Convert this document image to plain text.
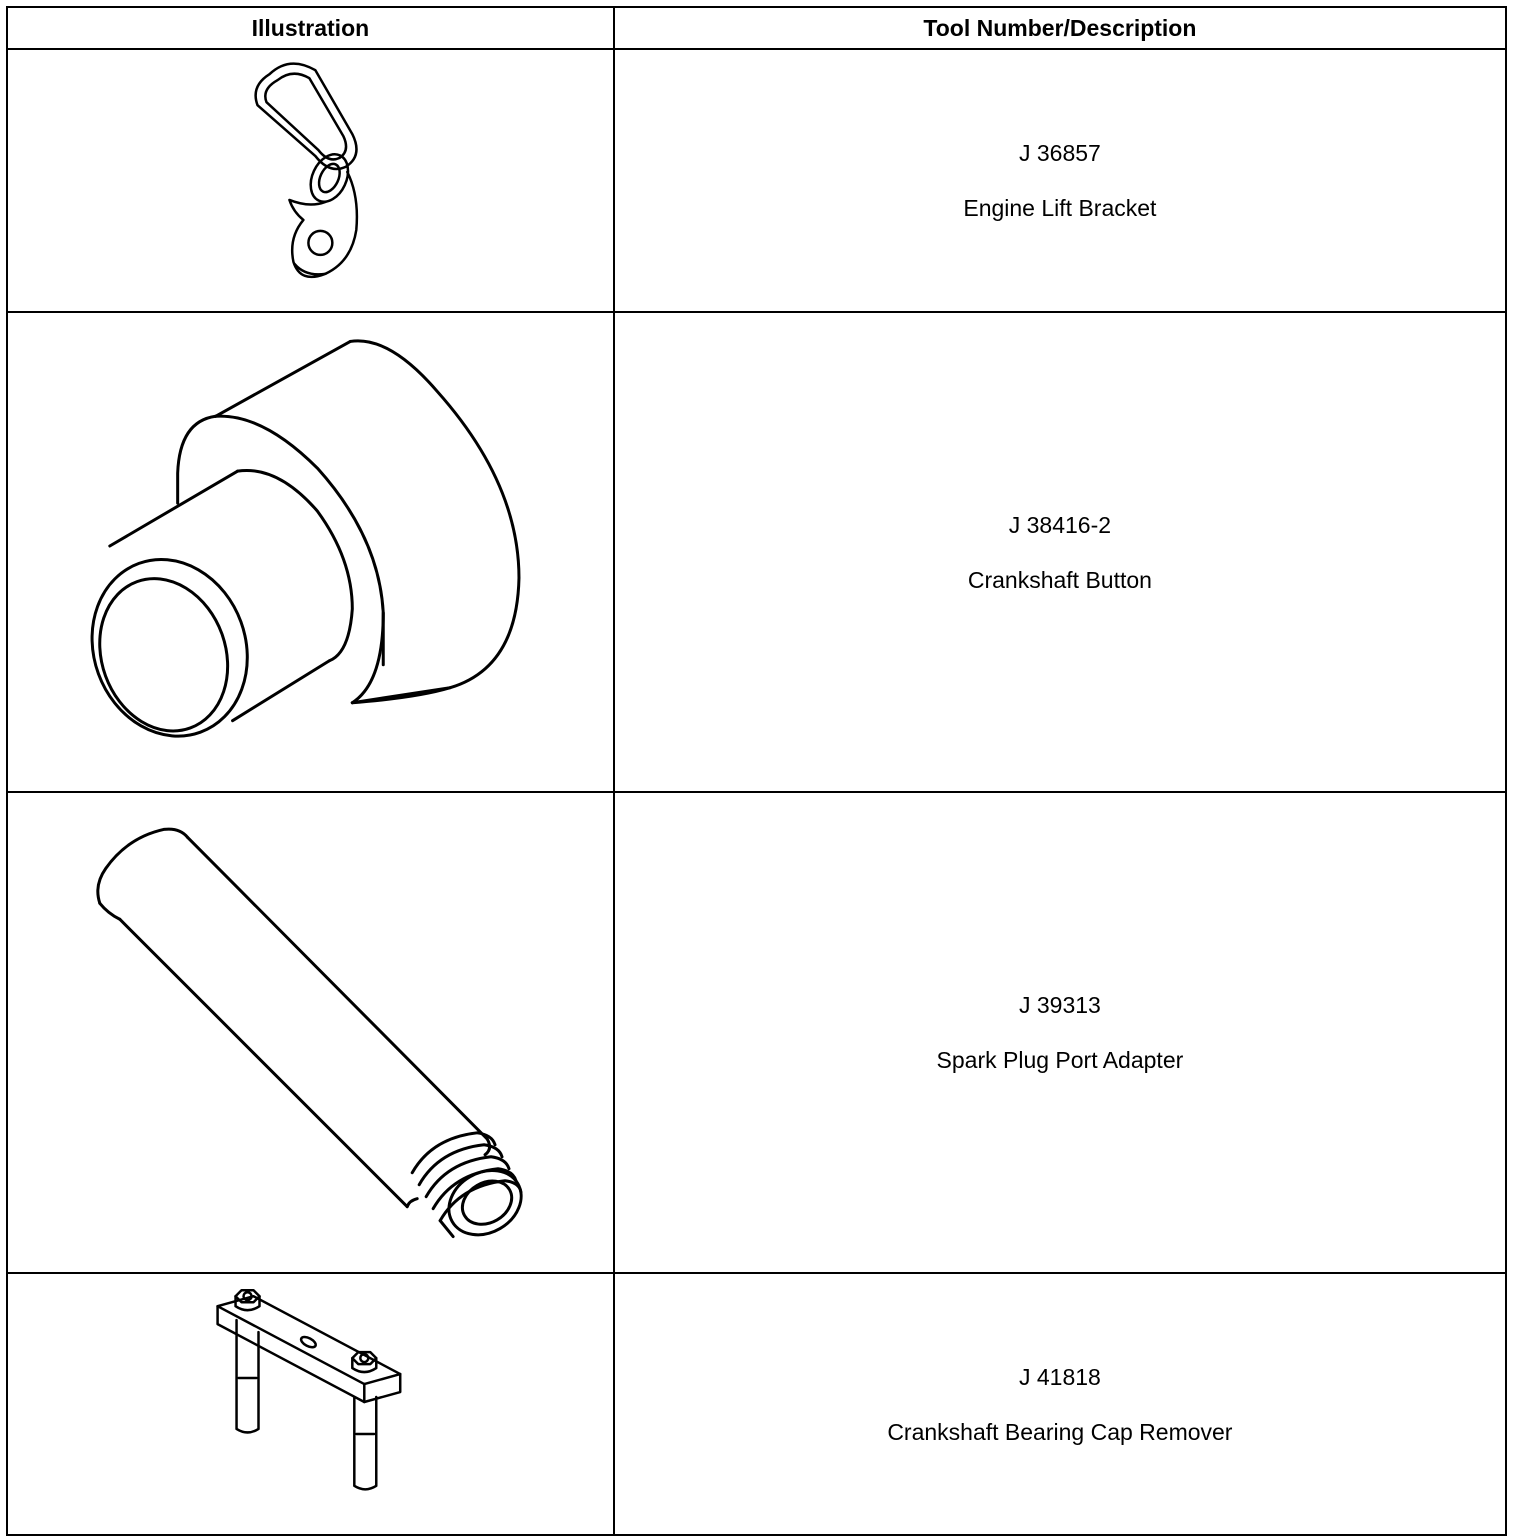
Illustration	Tool Number/Description

J 36857
Engine Lift Bracket

J 38416-2
Crankshaft Button

J 39313
Spark Plug Port Adapter

J 41818
Crankshaft Bearing Cap Remover
